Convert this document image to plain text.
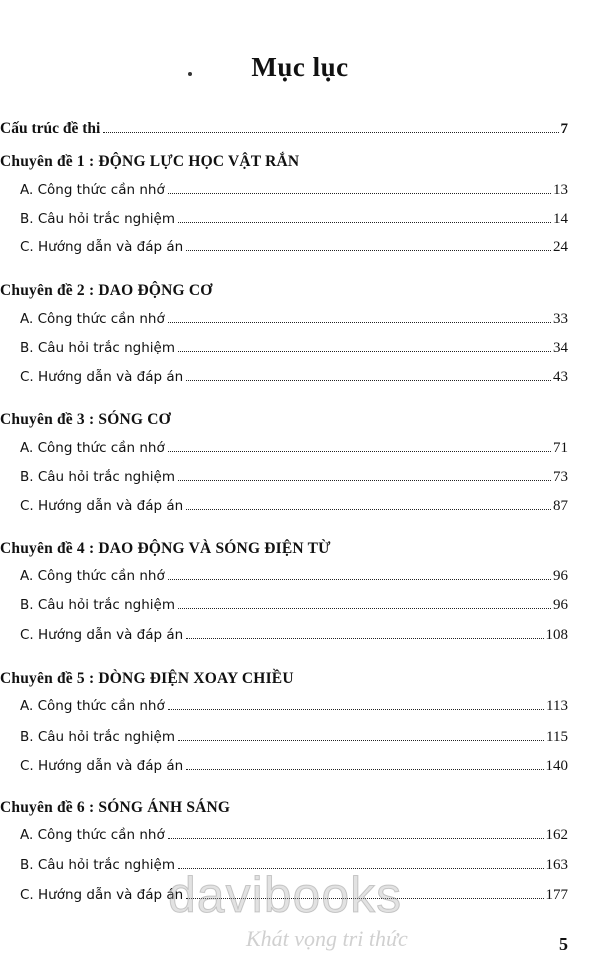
Mục lục
Cấu trúc đề thi	7
Chuyên đề 1 : ĐỘNG LỰC HỌC VẬT RẮN
A. Công thức cần nhớ	13
B. Câu hỏi trắc nghiệm	14
C. Hướng dẫn và đáp án	24
Chuyên đề 2 : DAO ĐỘNG CƠ
A. Công thức cần nhớ	33
B. Câu hỏi trắc nghiệm	34
C. Hướng dẫn và đáp án	43
Chuyên đề 3 : SÓNG CƠ
A. Công thức cần nhớ	71
B. Câu hỏi trắc nghiệm	73
C. Hướng dẫn và đáp án	87
Chuyên đề 4 : DAO ĐỘNG VÀ SÓNG ĐIỆN TỪ
A. Công thức cần nhớ	96
B. Câu hỏi trắc nghiệm	96
C. Hướng dẫn và đáp án	108
Chuyên đề 5 : DÒNG ĐIỆN XOAY CHIỀU
A. Công thức cần nhớ	113
B. Câu hỏi trắc nghiệm	115
C. Hướng dẫn và đáp án	140
Chuyên đề 6 : SÓNG ÁNH SÁNG
A. Công thức cần nhớ	162
B. Câu hỏi trắc nghiệm	163
C. Hướng dẫn và đáp án	177
davibooks
Khát vọng tri thức	5
